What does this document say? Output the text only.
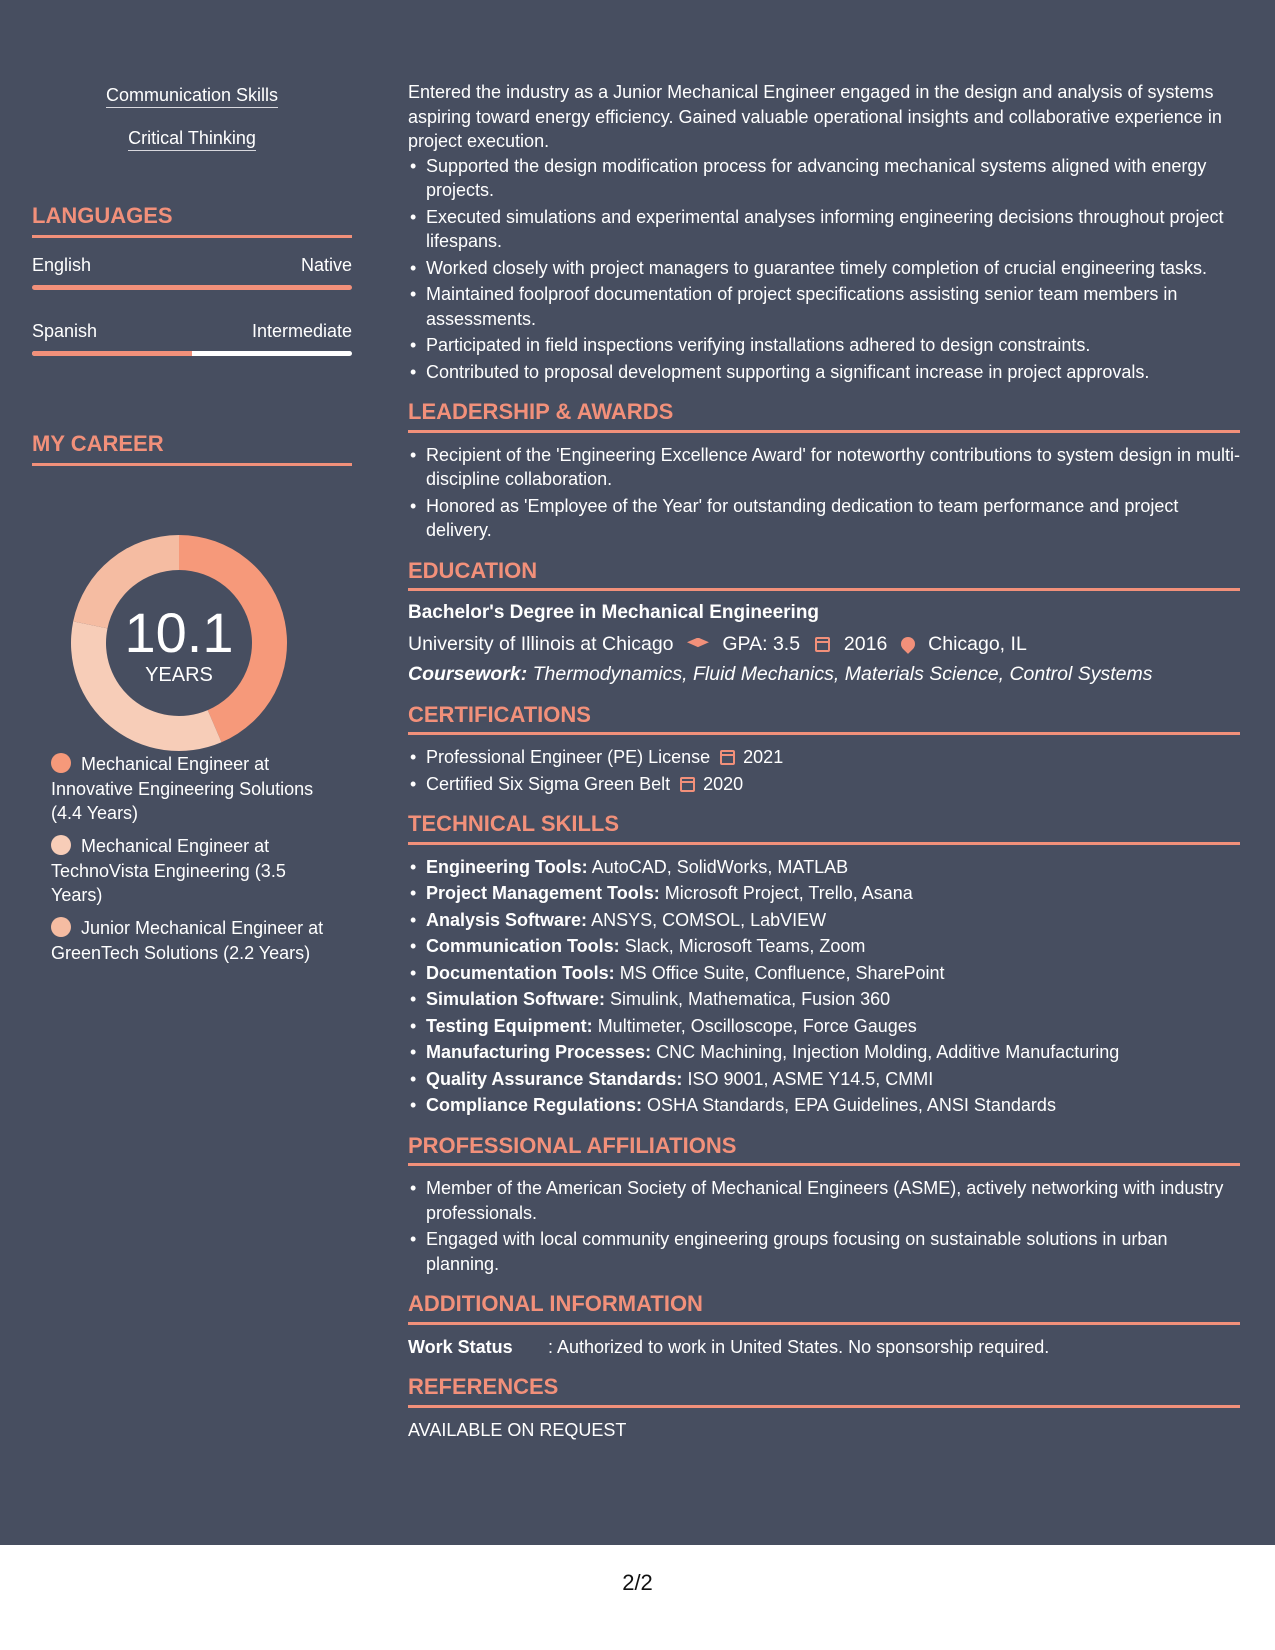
Communication Skills
Critical Thinking
LANGUAGES
English	Native
Spanish	Intermediate
MY CAREER
10.1
YEARS
Mechanical Engineer at Innovative Engineering Solutions (4.4 Years)
Mechanical Engineer at TechnoVista Engineering (3.5 Years)
Junior Mechanical Engineer at GreenTech Solutions (2.2 Years)

Entered the industry as a Junior Mechanical Engineer engaged in the design and analysis of systems aspiring toward energy efficiency. Gained valuable operational insights and collaborative experience in project execution.

• Supported the design modification process for advancing mechanical systems aligned with energy projects.
• Executed simulations and experimental analyses informing engineering decisions throughout project lifespans.
• Worked closely with project managers to guarantee timely completion of crucial engineering tasks.
• Maintained foolproof documentation of project specifications assisting senior team members in assessments.
• Participated in field inspections verifying installations adhered to design constraints.
• Contributed to proposal development supporting a significant increase in project approvals.
LEADERSHIP & AWARDS
• Recipient of the 'Engineering Excellence Award' for noteworthy contributions to system design in multi-discipline collaboration.
• Honored as 'Employee of the Year' for outstanding dedication to team performance and project delivery.
EDUCATION
Bachelor's Degree in Mechanical Engineering
University of Illinois at Chicago	GPA: 3.5 2016 Chicago, IL
Coursework: Thermodynamics, Fluid Mechanics, Materials Science, Control Systems
CERTIFICATIONS
• Professional Engineer (PE) License 2021
• Certified Six Sigma Green Belt 2020
TECHNICAL SKILLS
• Engineering Tools: AutoCAD, SolidWorks, MATLAB
• Project Management Tools: Microsoft Project, Trello, Asana
• Analysis Software: ANSYS, COMSOL, LabVIEW
• Communication Tools: Slack, Microsoft Teams, Zoom
• Documentation Tools: MS Office Suite, Confluence, SharePoint
• Simulation Software: Simulink, Mathematica, Fusion 360
• Testing Equipment: Multimeter, Oscilloscope, Force Gauges
• Manufacturing Processes: CNC Machining, Injection Molding, Additive Manufacturing
• Quality Assurance Standards: ISO 9001, ASME Y14.5, CMMI
• Compliance Regulations: OSHA Standards, EPA Guidelines, ANSI Standards
PROFESSIONAL AFFILIATIONS
• Member of the American Society of Mechanical Engineers (ASME), actively networking with industry professionals.
• Engaged with local community engineering groups focusing on sustainable solutions in urban planning.
ADDITIONAL INFORMATION
Work Status : Authorized to work in United States. No sponsorship required.
REFERENCES
AVAILABLE ON REQUEST
2/2
